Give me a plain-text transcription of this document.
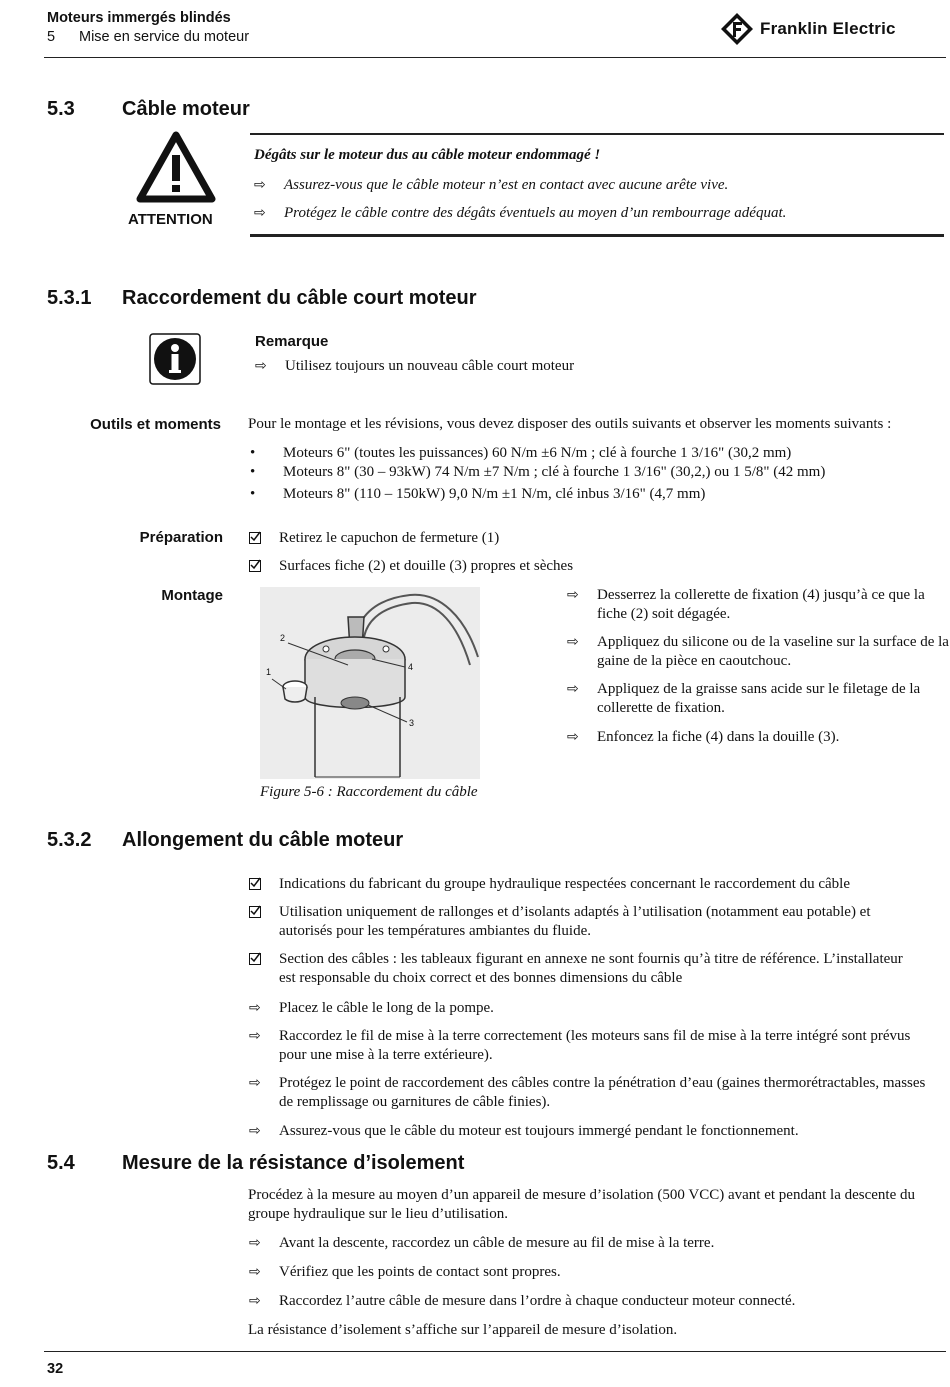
Moteurs immergés blindés
5 Mise en service du moteur	Franklin Electric
5.3 Câble moteur
ATTENTION
Dégâts sur le moteur dus au câble moteur endommagé !
⇨	Assurez-vous que le câble moteur n’est en contact avec aucune arête vive.
⇨	Protégez le câble contre des dégâts éventuels au moyen d’un rembourrage adéquat.
5.3.1 Raccordement du câble court moteur
Remarque
⇨	Utilisez toujours un nouveau câble court moteur
Outils et moments Pour le montage et les révisions, vous devez disposer des outils suivants et observer les moments suivants :
•	Moteurs 6" (toutes les puissances) 60 N/m ±6 N/m ; clé à fourche 1 3/16" (30,2 mm)
•	Moteurs 8" (30 – 93kW) 74 N/m ±7 N/m ; clé à fourche 1 3/16" (30,2,) ou 1 5/8" (42 mm)
•	Moteurs 8" (110 – 150kW) 9,0 N/m ±1 N/m, clé inbus 3/16" (4,7 mm)
Préparation	Retirez le capuchon de fermeture (1)
Surfaces fiche (2) et douille (3) propres et sèches
Montage
1
2
3
4
Figure 5-6 : Raccordement du câble
⇨	Desserrez la collerette de fixation (4) jusqu’à ce que la fiche (2) soit dégagée.
⇨	Appliquez du silicone ou de la vaseline sur la surface de la gaine de la pièce en caoutchouc.
⇨	Appliquez de la graisse sans acide sur le filetage de la collerette de fixation.
⇨	Enfoncez la fiche (4) dans la douille (3).
5.3.2 Allongement du câble moteur
Indications du fabricant du groupe hydraulique respectées concernant le raccordement du câble
Utilisation uniquement de rallonges et d’isolants adaptés à l’utilisation (notamment eau potable) et autorisés pour les températures ambiantes du fluide.
Section des câbles : les tableaux figurant en annexe ne sont fournis qu’à titre de référence. L’installateur est responsable du choix correct et des bonnes dimensions du câble
⇨	Placez le câble le long de la pompe.
⇨	Raccordez le fil de mise à la terre correctement (les moteurs sans fil de mise à la terre intégré sont prévus pour une mise à la terre extérieure).
⇨	Protégez le point de raccordement des câbles contre la pénétration d’eau (gaines thermorétractables, masses de remplissage ou garnitures de câble finies).
⇨	Assurez-vous que le câble du moteur est toujours immergé pendant le fonctionnement.
5.4 Mesure de la résistance d’isolement
Procédez à la mesure au moyen d’un appareil de mesure d’isolation (500 VCC) avant et pendant la descente du groupe hydraulique sur le lieu d’utilisation.
⇨	Avant la descente, raccordez un câble de mesure au fil de mise à la terre.
⇨	Vérifiez que les points de contact sont propres.
⇨	Raccordez l’autre câble de mesure dans l’ordre à chaque conducteur moteur connecté.
La résistance d’isolement s’affiche sur l’appareil de mesure d’isolation.
32
